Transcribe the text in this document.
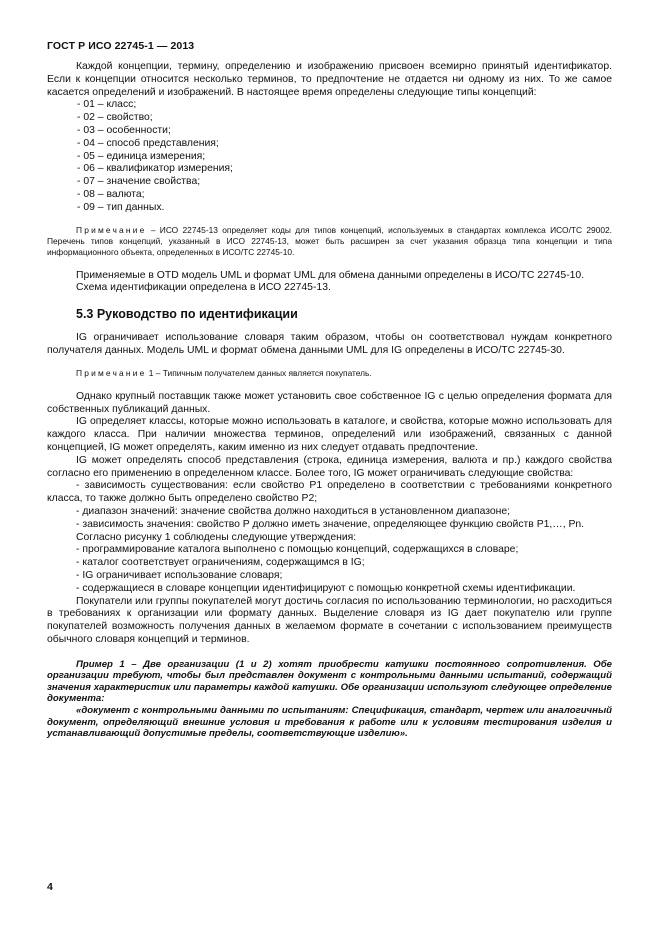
ГОСТ Р ИСО 22745-1 — 2013

Каждой концепции, термину, определению и изображению присвоен всемирно принятый идентификатор. Если к концепции относится несколько терминов, то предпочтение не отдается ни одному из них. То же самое касается определений и изображений. В настоящее время определены следующие типы концепций:

- 01 – класс;
- 02 – свойство;
- 03 – особенности;
- 04 – способ представления;
- 05 – единица измерения;
- 06 – квалификатор измерения;
- 07 – значение свойства;
- 08 – валюта;
- 09 – тип данных.

Примечание – ИСО 22745-13 определяет коды для типов концепций, используемых в стандартах комплекса ИСО/ТС 29002. Перечень типов концепций, указанный в ИСО 22745-13, может быть расширен за счет указания образца типа концепции и типа информационного объекта, определенных в ИСО/ТС 22745-10.

Применяемые в OTD модель UML и формат UML для обмена данными определены в ИСО/ТС 22745-10.

Схема идентификации определена в ИСО 22745-13.

5.3 Руководство по идентификации

IG ограничивает использование словаря таким образом, чтобы он соответствовал нуждам конкретного получателя данных. Модель UML и формат обмена данными UML для IG определены в ИСО/ТС 22745-30.

Примечание 1 – Типичным получателем данных является покупатель.

Однако крупный поставщик также может установить свое собственное IG с целью определения формата для собственных публикаций данных.

IG определяет классы, которые можно использовать в каталоге, и свойства, которые можно использовать для каждого класса. При наличии множества терминов, определений или изображений, связанных с данной концепцией, IG может определять, каким именно из них следует отдавать предпочтение.

IG может определять способ представления (строка, единица измерения, валюта и пр.) каждого свойства согласно его применению в определенном классе. Более того, IG может ограничивать следующие свойства:

- зависимость существования: если свойство P1 определено в соответствии с требованиями конкретного класса, то также должно быть определено свойство P2;

- диапазон значений: значение свойства должно находиться в установленном диапазоне;

- зависимость значения: свойство P должно иметь значение, определяющее функцию свойств P1,…, Pn.

Согласно рисунку 1 соблюдены следующие утверждения:

- программирование каталога выполнено с помощью концепций, содержащихся в словаре;

- каталог соответствует ограничениям, содержащимся в IG;

- IG ограничивает использование словаря;

- содержащиеся в словаре концепции идентифицируют с помощью конкретной схемы идентификации.

Покупатели или группы покупателей могут достичь согласия по использованию терминологии, но расходиться в требованиях к организации или формату данных. Выделение словаря из IG дает покупателю или группе покупателей возможность получения данных в желаемом формате в сочетании с использованием преимуществ обычного словаря концепций и терминов.

Пример 1 – Две организации (1 и 2) хотят приобрести катушки постоянного сопротивления. Обе организации требуют, чтобы был представлен документ с контрольными данными испытаний, содержащий значения характеристик или параметры каждой катушки. Обе организации используют следующее определение документа:

«документ с контрольными данными по испытаниям: Спецификация, стандарт, чертеж или аналогичный документ, определяющий внешние условия и требования к работе или к условиям тестирования изделия и устанавливающий допустимые пределы, соответствующие изделию».

4
